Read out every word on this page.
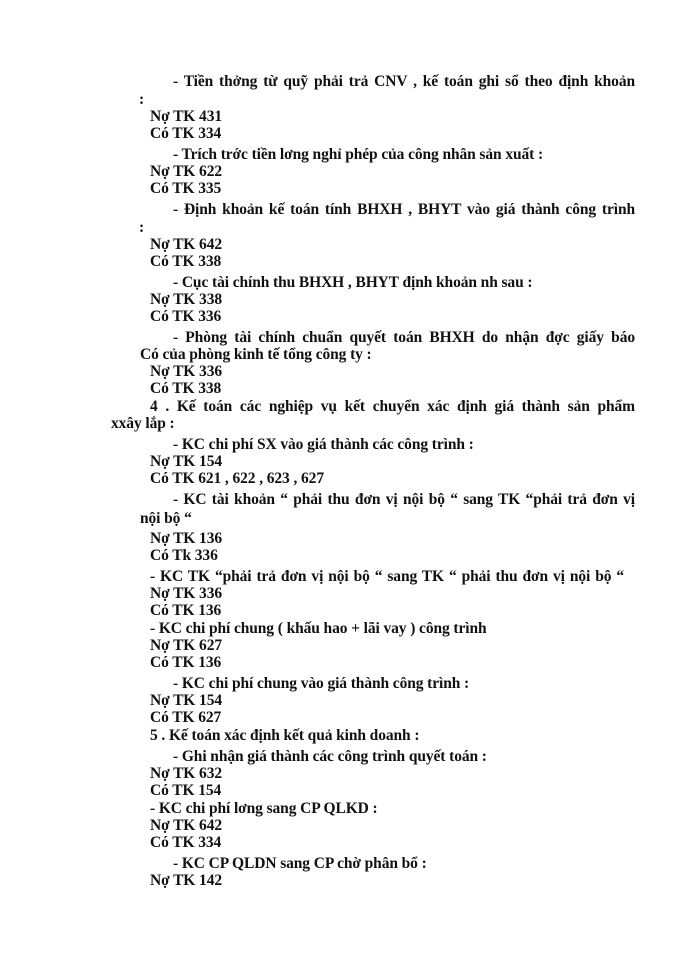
- Tiền thởng từ quỹ phải trả CNV , kế toán ghi sổ theo định khoản
:
Nợ TK 431
Có TK 334
- Trích trớc tiền lơng nghỉ phép của công nhân sản xuất :
Nợ TK 622
Có TK 335
- Định khoản kế toán tính BHXH , BHYT vào giá thành công trình
:
Nợ TK 642
Có TK 338
- Cục tài chính thu BHXH , BHYT định khoản nh sau :
Nợ TK 338
Có TK 336
- Phòng tài chính chuẩn quyết toán BHXH do nhận đợc giấy báo
Có của phòng kinh tế tổng công ty :
Nợ TK 336
Có TK 338
4 . Kế toán các nghiệp vụ kết chuyển xác định giá thành sản phẩm
xxây lắp :
- KC chi phí SX vào giá thành các công trình :
Nợ TK 154
Có TK 621 , 622 , 623 , 627
- KC tài khoản “ phải thu đơn vị nội bộ “ sang TK “phải trả đơn vị
nội bộ “
Nợ TK 136
Có Tk 336
- KC TK “phải trả đơn vị nội bộ “ sang TK “ phải thu đơn vị nội bộ “
Nợ TK 336
Có TK 136
- KC chi phí chung ( khấu hao + lãi vay ) công trình
Nợ TK 627
Có TK 136
- KC chi phí chung vào giá thành công trình :
Nợ TK 154
Có TK 627
5 . Kế toán xác định kết quả kinh doanh :
- Ghi nhận giá thành các công trình quyết toán :
Nợ TK 632
Có TK 154
- KC chi phí lơng sang CP QLKD :
Nợ TK 642
Có TK 334
- KC CP QLDN sang CP chờ phân bổ :
Nợ TK 142
